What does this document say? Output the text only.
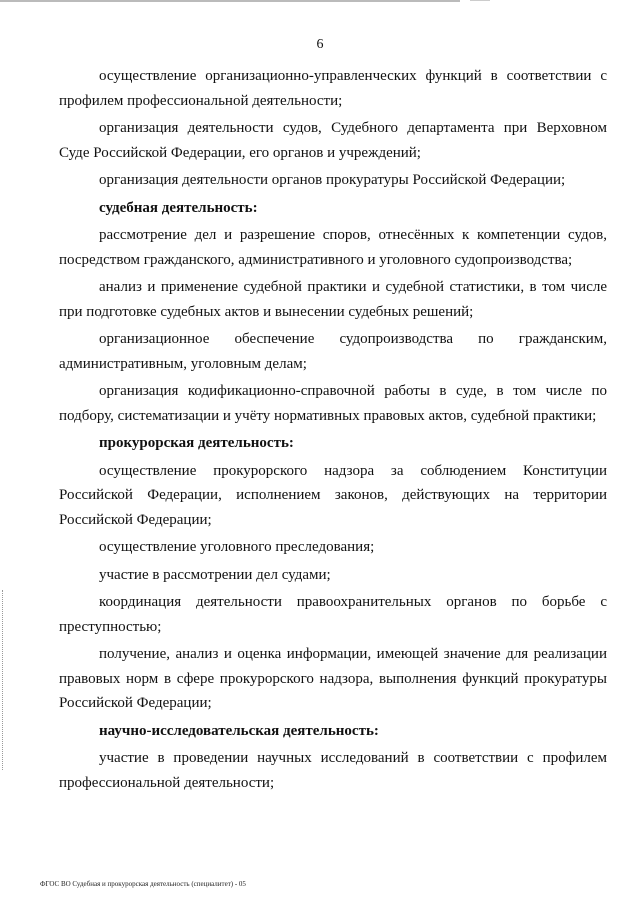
6

осуществление организационно-управленческих функций в соответствии с профилем профессиональной деятельности;

организация деятельности судов, Судебного департамента при Верховном Суде Российской Федерации, его органов и учреждений;

организация деятельности органов прокуратуры Российской Федерации;

судебная деятельность:

рассмотрение дел и разрешение споров, отнесённых к компетенции судов, посредством гражданского, административного и уголовного судопроизводства;

анализ и применение судебной практики и судебной статистики, в том числе при подготовке судебных актов и вынесении судебных решений;

организационное обеспечение судопроизводства по гражданским, административным, уголовным делам;

организация кодификационно-справочной работы в суде, в том числе по подбору, систематизации и учёту нормативных правовых актов, судебной практики;

прокурорская деятельность:

осуществление прокурорского надзора за соблюдением Конституции Российской Федерации, исполнением законов, действующих на территории Российской Федерации;

осуществление уголовного преследования;

участие в рассмотрении дел судами;

координация деятельности правоохранительных органов по борьбе с преступностью;

получение, анализ и оценка информации, имеющей значение для реализации правовых норм в сфере прокурорского надзора, выполнения функций прокуратуры Российской Федерации;

научно-исследовательская деятельность:

участие в проведении научных исследований в соответствии с профилем профессиональной деятельности;

ФГОС ВО Судебная и прокурорская деятельность (специалитет) - 05
